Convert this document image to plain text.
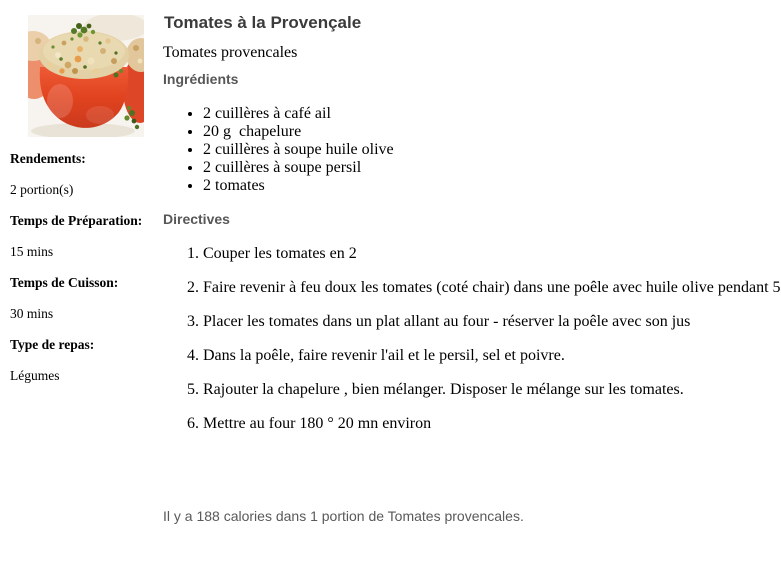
Rendements:
2 portion(s)
Temps de Préparation:
15 mins
Temps de Cuisson:
30 mins
Type de repas:
Légumes
Tomates à la Provençale

Tomates provencales

Ingrédients
• 2 cuillères à café ail
• 20 g  chapelure
• 2 cuillères à soupe huile olive
• 2 cuillères à soupe persil
• 2 tomates
Directives
1. Couper les tomates en 2
2. Faire revenir à feu doux les tomates (coté chair) dans une poêle avec huile olive pendant 5
3. Placer les tomates dans un plat allant au four - réserver la poêle avec son jus
4. Dans la poêle, faire revenir l'ail et le persil, sel et poivre.
5. Rajouter la chapelure , bien mélanger. Disposer le mélange sur les tomates.
6. Mettre au four 180 ° 20 mn environ

Il y a 188 calories dans 1 portion de Tomates provencales.
